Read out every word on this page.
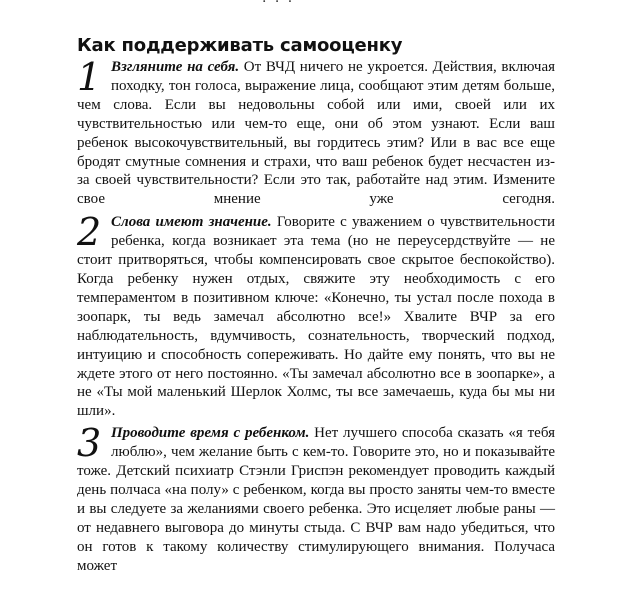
· · ·
Как поддерживать самооценку

1 Взгляните на себя. От ВЧД ничего не укроется. Действия, включая походку, тон голоса, выражение лица, сообщают этим детям больше, чем слова. Если вы недовольны собой или ими, своей или их чувствительностью или чем-то еще, они об этом узнают. Если ваш ребенок высокочувствительный, вы гордитесь этим? Или в вас все еще бродят смутные сомнения и страхи, что ваш ребенок будет несчастен из-за своей чувствительности? Если это так, работайте над этим. Измените свое мнение уже сегодня.

2 Слова имеют значение. Говорите с уважением о чувствительности ребенка, когда возникает эта тема (но не переусердствуйте — не стоит притворяться, чтобы компенсировать свое скрытое беспокойство). Когда ребенку нужен отдых, свяжите эту необходимость с его темпераментом в позитивном ключе: «Конечно, ты устал после похода в зоопарк, ты ведь замечал абсолютно все!» Хвалите ВЧР за его наблюдательность, вдумчивость, сознательность, творческий подход, интуицию и способность сопереживать. Но дайте ему понять, что вы не ждете этого от него постоянно. «Ты замечал абсолютно все в зоопарке», а не «Ты мой маленький Шерлок Холмс, ты все замечаешь, куда бы мы ни шли».

3 Проводите время с ребенком. Нет лучшего способа сказать «я тебя люблю», чем желание быть с кем-то. Говорите это, но и показывайте тоже. Детский психиатр Стэнли Гриспэн рекомендует проводить каждый день полчаса «на полу» с ребенком, когда вы просто заняты чем-то вместе и вы следуете за желаниями своего ребенка. Это исцеляет любые раны — от недавнего выговора до минуты стыда. С ВЧР вам надо убедиться, что он готов к такому количеству стимулирующего внимания. Получаса может
